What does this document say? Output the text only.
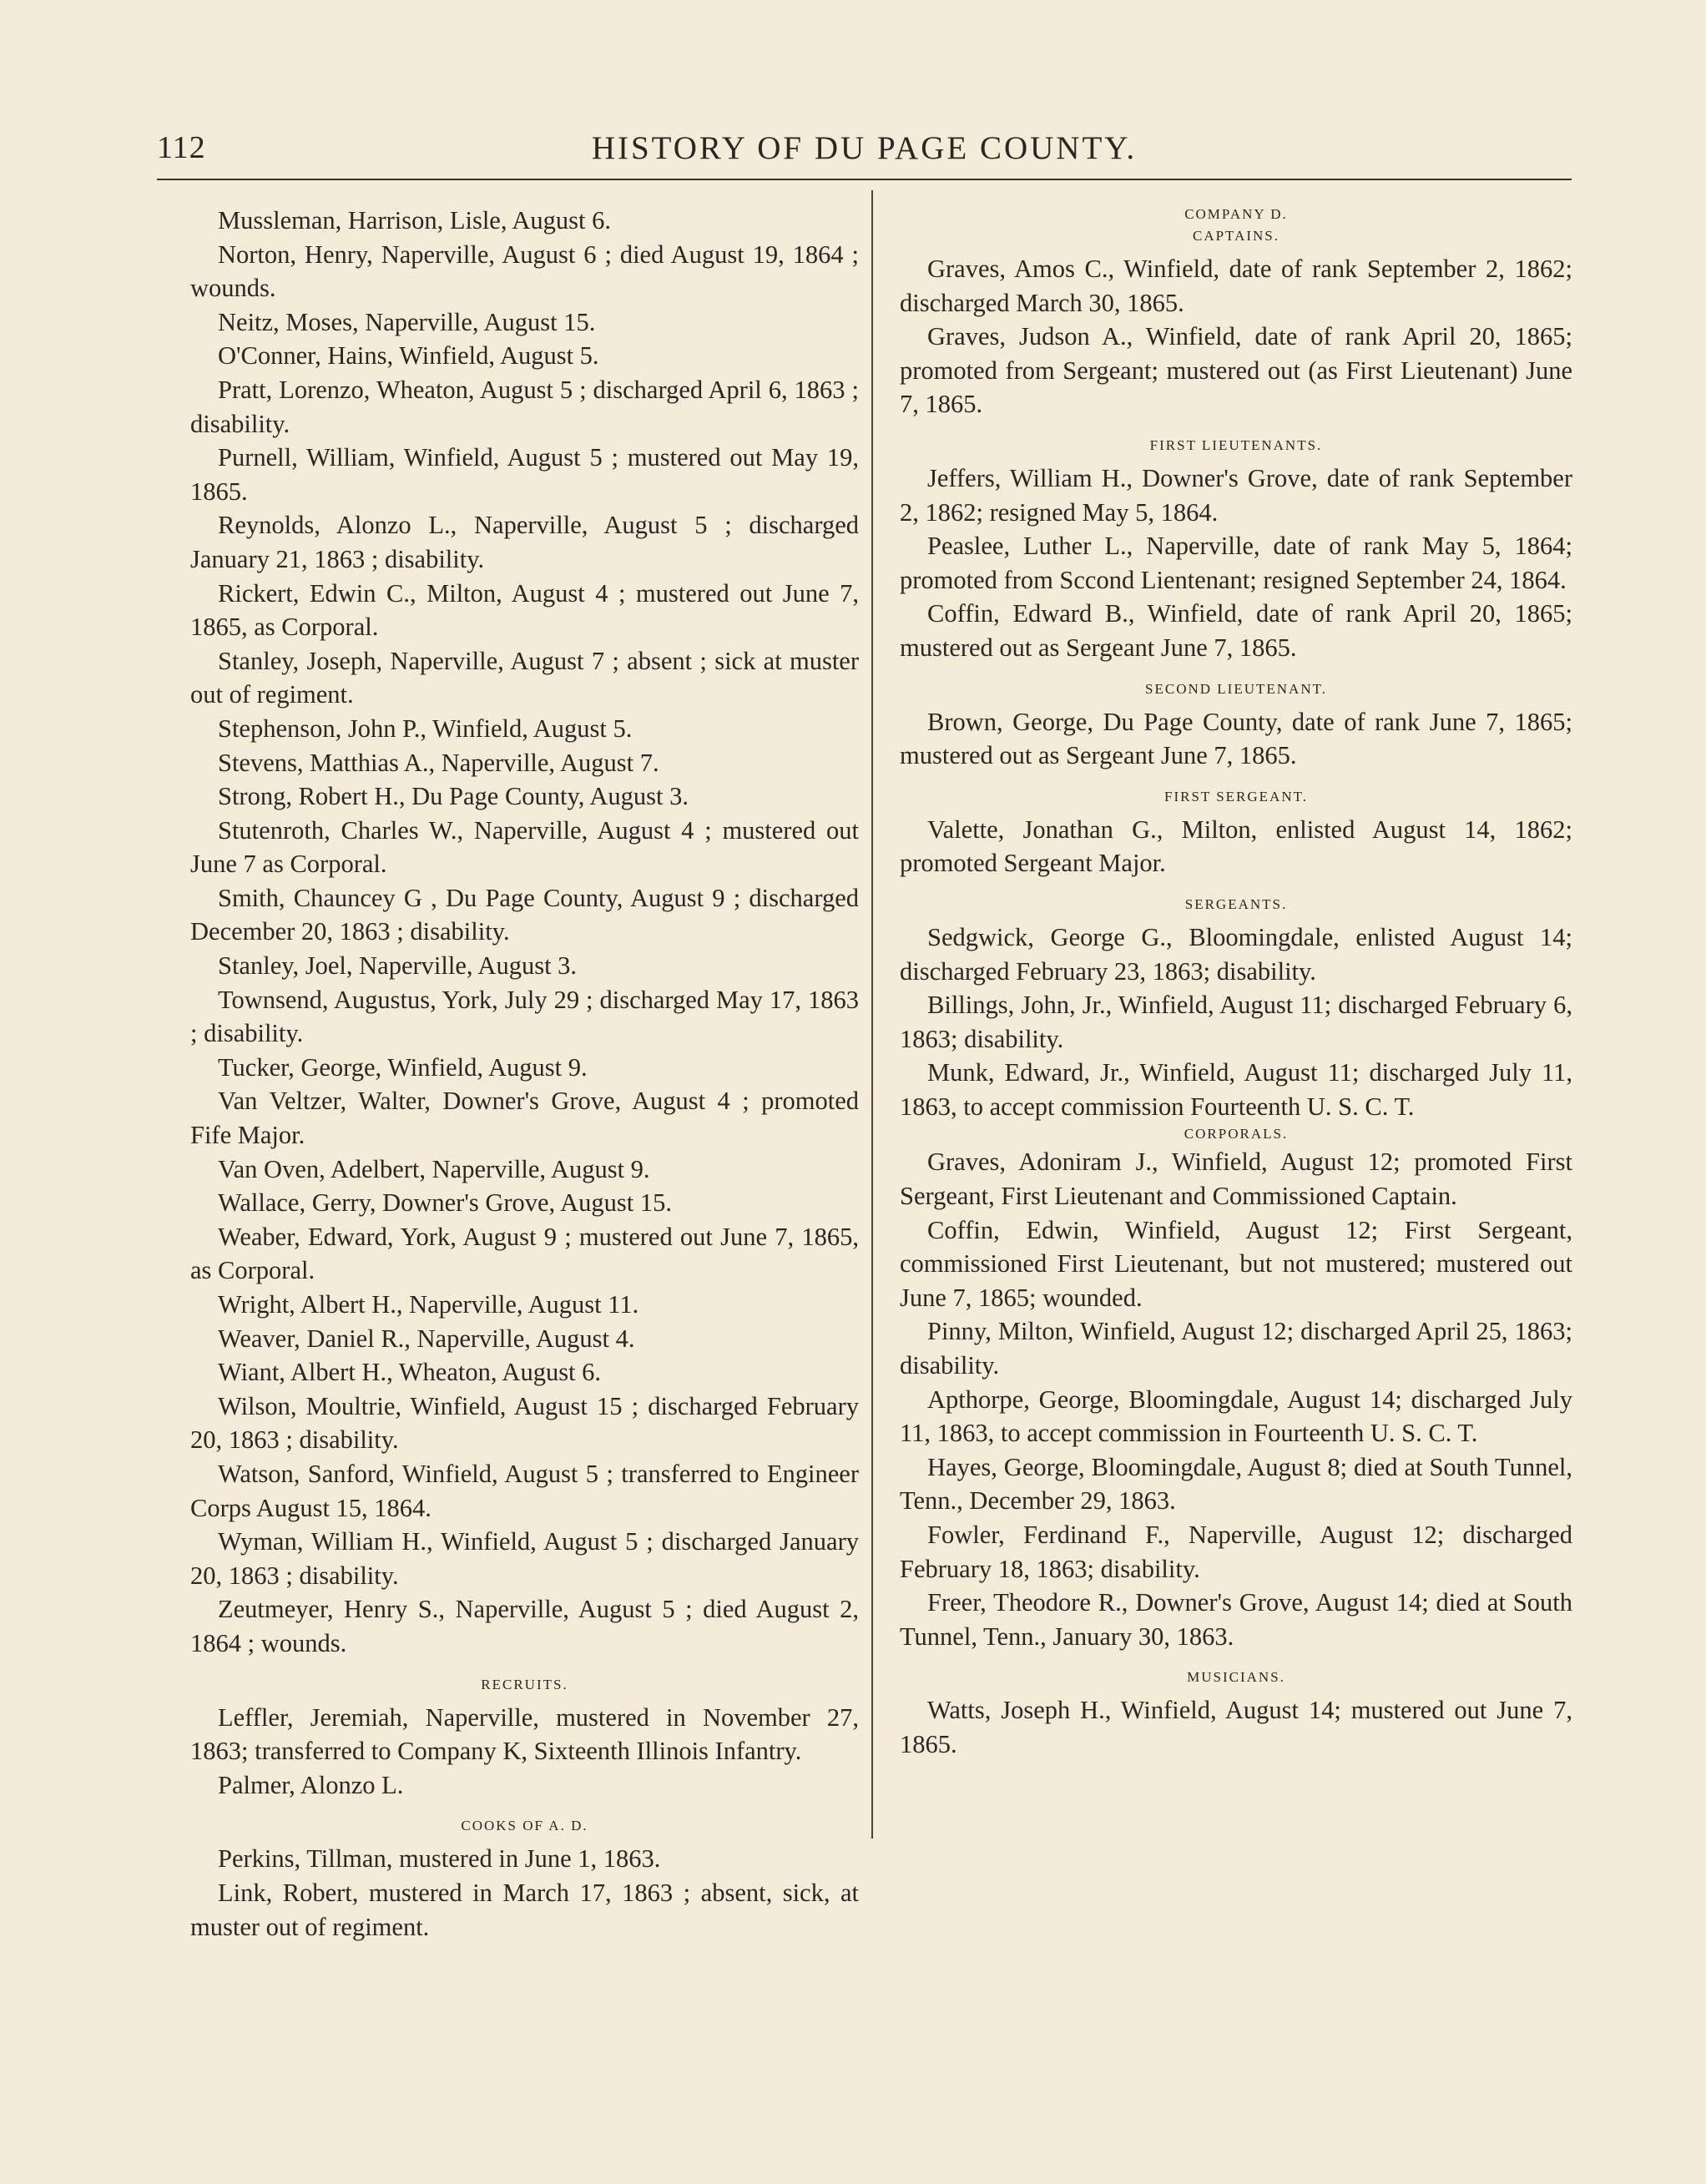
112	HISTORY OF DU PAGE COUNTY.

Mussleman, Harrison, Lisle, August 6.

Norton, Henry, Naperville, August 6 ; died August 19, 1864 ; wounds.

Neitz, Moses, Naperville, August 15.

O'Conner, Hains, Winfield, August 5.

Pratt, Lorenzo, Wheaton, August 5 ; discharged April 6, 1863 ; disability.

Purnell, William, Winfield, August 5 ; mustered out May 19, 1865.

Reynolds, Alonzo L., Naperville, August 5 ; discharged January 21, 1863 ; disability.

Rickert, Edwin C., Milton, August 4 ; mustered out June 7, 1865, as Corporal.

Stanley, Joseph, Naperville, August 7 ; absent ; sick at muster out of regiment.

Stephenson, John P., Winfield, August 5.

Stevens, Matthias A., Naperville, August 7.

Strong, Robert H., Du Page County, August 3.

Stutenroth, Charles W., Naperville, August 4 ; mustered out June 7 as Corporal.

Smith, Chauncey G , Du Page County, August 9 ; discharged December 20, 1863 ; disability.

Stanley, Joel, Naperville, August 3.

Townsend, Augustus, York, July 29 ; discharged May 17, 1863 ; disability.

Tucker, George, Winfield, August 9.

Van Veltzer, Walter, Downer's Grove, August 4 ; promoted Fife Major.

Van Oven, Adelbert, Naperville, August 9.

Wallace, Gerry, Downer's Grove, August 15.

Weaber, Edward, York, August 9 ; mustered out June 7, 1865, as Corporal.

Wright, Albert H., Naperville, August 11.

Weaver, Daniel R., Naperville, August 4.

Wiant, Albert H., Wheaton, August 6.

Wilson, Moultrie, Winfield, August 15 ; discharged February 20, 1863 ; disability.

Watson, Sanford, Winfield, August 5 ; transferred to Engineer Corps August 15, 1864.

Wyman, William H., Winfield, August 5 ; discharged January 20, 1863 ; disability.

Zeutmeyer, Henry S., Naperville, August 5 ; died August 2, 1864 ; wounds.

RECRUITS.

Leffler, Jeremiah, Naperville, mustered in November 27, 1863; transferred to Company K, Sixteenth Illinois Infantry.

Palmer, Alonzo L.

COOKS OF A. D.

Perkins, Tillman, mustered in June 1, 1863.

Link, Robert, mustered in March 17, 1863 ; absent, sick, at muster out of regiment.

COMPANY D.

CAPTAINS.

Graves, Amos C., Winfield, date of rank September 2, 1862; discharged March 30, 1865.

Graves, Judson A., Winfield, date of rank April 20, 1865; promoted from Sergeant; mustered out (as First Lieutenant) June 7, 1865.

FIRST LIEUTENANTS.

Jeffers, William H., Downer's Grove, date of rank September 2, 1862; resigned May 5, 1864.

Peaslee, Luther L., Naperville, date of rank May 5, 1864; promoted from Sccond Lientenant; resigned September 24, 1864.

Coffin, Edward B., Winfield, date of rank April 20, 1865; mustered out as Sergeant June 7, 1865.

SECOND LIEUTENANT.

Brown, George, Du Page County, date of rank June 7, 1865; mustered out as Sergeant June 7, 1865.

FIRST SERGEANT.

Valette, Jonathan G., Milton, enlisted August 14, 1862; promoted Sergeant Major.

SERGEANTS.

Sedgwick, George G., Bloomingdale, enlisted August 14; discharged February 23, 1863; disability.

Billings, John, Jr., Winfield, August 11; discharged February 6, 1863; disability.

Munk, Edward, Jr., Winfield, August 11; discharged July 11, 1863, to accept commission Fourteenth U. S. C. T.

CORPORALS.

Graves, Adoniram J., Winfield, August 12; promoted First Sergeant, First Lieutenant and Commissioned Captain.

Coffin, Edwin, Winfield, August 12; First Sergeant, commissioned First Lieutenant, but not mustered; mustered out June 7, 1865; wounded.

Pinny, Milton, Winfield, August 12; discharged April 25, 1863; disability.

Apthorpe, George, Bloomingdale, August 14; discharged July 11, 1863, to accept commission in Fourteenth U. S. C. T.

Hayes, George, Bloomingdale, August 8; died at South Tunnel, Tenn., December 29, 1863.

Fowler, Ferdinand F., Naperville, August 12; discharged February 18, 1863; disability.

Freer, Theodore R., Downer's Grove, August 14; died at South Tunnel, Tenn., January 30, 1863.

MUSICIANS.

Watts, Joseph H., Winfield, August 14; mustered out June 7, 1865.
